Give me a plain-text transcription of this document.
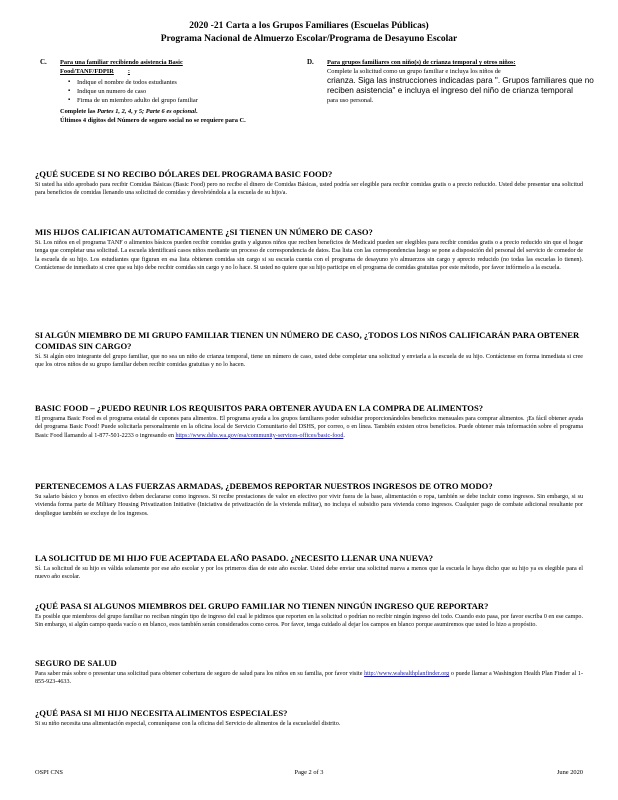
2020 -21 Carta a los Grupos Familiares (Escuelas Públicas)
Programa Nacional de Almuerzo Escolar/Programa de Desayuno Escolar
C. Para una familiar recibiendo asistencia Basic
Food/TANF/FDPIR :
▪ Indique el nombre de todos estudiantes
▪ Indique un numero de caso
▪ Firma de un miembro adulto del grupo familiar
Complete las Partes 1, 2, 4, y 5; Parte 6 es opcional.
Últimos 4 digitos del Número de seguro social no se requiere para C.
D. Para grupos familiares con niño(s) de crianza temporal y otros niños:
Complete la solicitud como un grupo familiar e incluya los niños de
crianza. Siga las instrucciones indicadas para ". Grupos familiares que no reciben asistencia" e incluya el ingreso del niño de crianza temporal
para uso personal.
¿QUÉ SUCEDE SI NO RECIBO DÓLARES DEL PROGRAMA BASIC FOOD?

Si usted ha sido aprobado para recibir Comidas Básicas (Basic Food) pero no recibe el dinero de Comidas Básicas, usted podría ser elegible para recibir comidas gratis o a precio reducido. Usted debe presentar una solicitud para beneficios de comidas llenando una solicitud de comidas y devolviéndola a la escuela de su hijo/a.

MIS HIJOS CALIFICAN AUTOMATICAMENTE ¿SI TIENEN UN NÚMERO DE CASO?

Si. Los niños en el programa TANF o alimentos básicos pueden recibir comidas gratis y algunos niños que reciben beneficios de Medicaid pueden ser elegibles para recibir comidas gratis o a precio reducido sin que el hogar tenga que completar una solicitud. La escuela identificará casos niños mediante un proceso de correspondencia de datos. Esa lista con las correspondencias luego se pone a disposición del personal del servicio de comedor de la escuela de su hijo. Los estudiantes que figuran en esa lista obtienen comidas sin cargo si su escuela cuenta con el programa de desayuno y/o almuerzos sin cargo y aprecio reducido (no todas las escuelas lo tienen). Contáctense de inmediato si cree que su hijo debe recibir comidas sin cargo y no lo hace. Si usted no quiere que su hijo participe en el programa de comidas gratuitas por este método, por favor infórmelo a la escuela.

SI ALGÚN MIEMBRO DE MI GRUPO FAMILIAR TIENEN UN NÚMERO DE CASO, ¿TODOS LOS NIÑOS CALIFICARÁN PARA OBTENER COMIDAS SIN CARGO?

Sí. Si algún otro integrante del grupo familiar, que no sea un niño de crianza temporal, tiene un número de caso, usted debe completar una solicitud y enviarla a la escuela de su hijo. Contáctense en forma inmediata si cree que los otros niños de su grupo familiar deben recibir comidas gratuitas y no lo hacen.

BASIC FOOD – ¿PUEDO REUNIR LOS REQUISITOS PARA OBTENER AYUDA EN LA COMPRA DE ALIMENTOS?

El programa Basic Food es el programa estatal de cupones para alimentos. El programa ayuda a los grupos familiares poder subsidiar proporcionándoles beneficios mensuales para comprar alimentos. ¡Es fácil obtener ayuda del programa Basic Food! Puede solicitarla personalmente en la oficina local de Servicio Comunitario del DSHS, por correo, o en línea. También existen otros beneficios. Puede obtener más información sobre el programa Basic Food llamando al 1-877-501-2233 o ingresando en https://www.dshs.wa.gov/esa/community-services-offices/basic-food.

PERTENECEMOS A LAS FUERZAS ARMADAS, ¿DEBEMOS REPORTAR NUESTROS INGRESOS DE OTRO MODO?

Su salario básico y bonos en efectivo deben declararse como ingresos. Si recibe prestaciones de valor en efectivo por vivir fuera de la base, alimentación o ropa, también se debe incluir como ingresos. Sin embargo, si su vivienda forma parte de Military Housing Privatization Initiative (Iniciativa de privatización de la vivienda militar), no incluya el subsidio para vivienda como ingresos. Cualquier pago de combate adicional resultante por despliegue también se excluye de los ingresos.

LA SOLICITUD DE MI HIJO FUE ACEPTADA EL AÑO PASADO. ¿NECESITO LLENAR UNA NUEVA?

Sí. La solicitud de su hijo es válida solamente por ese año escolar y por los primeros días de este año escolar. Usted debe enviar una solicitud nueva a menos que la escuela le haya dicho que su hijo ya es elegible para el nuevo año escolar.

¿QUÉ PASA SI ALGUNOS MIEMBROS DEL GRUPO FAMILIAR NO TIENEN NINGÚN INGRESO QUE REPORTAR?

Es posible que miembros del grupo familiar no reciban ningún tipo de ingreso del cual le pidimos que reporten en la solicitud o podrían no recibir ningún ingreso del todo. Cuando esto pasa, por favor escriba 0 en ese campo. Sin embargo, si algún campo queda vacío o en blanco, esos también serán considerados como ceros. Por favor, tenga cuidado al dejar los campos en blanco porque asumiremos que usted lo hizo a propósito.

SEGURO DE SALUD

Para saber más sobre o presentar una solicitud para obtener cobertura de seguro de salud para los niños en su familia, por favor visite http://www.wahealthplanfinder.org o puede llamar a Washington Health Plan Finder al 1-855-923-4633.

¿QUÉ PASA SI MI HIJO NECESITA ALIMENTOS ESPECIALES?

Si su niño necesita una alimentación especial, comuníquese con la oficina del Servicio de alimentos de la escuela/del distrito.

OSPI CNS	Page 2 of 3	June 2020
